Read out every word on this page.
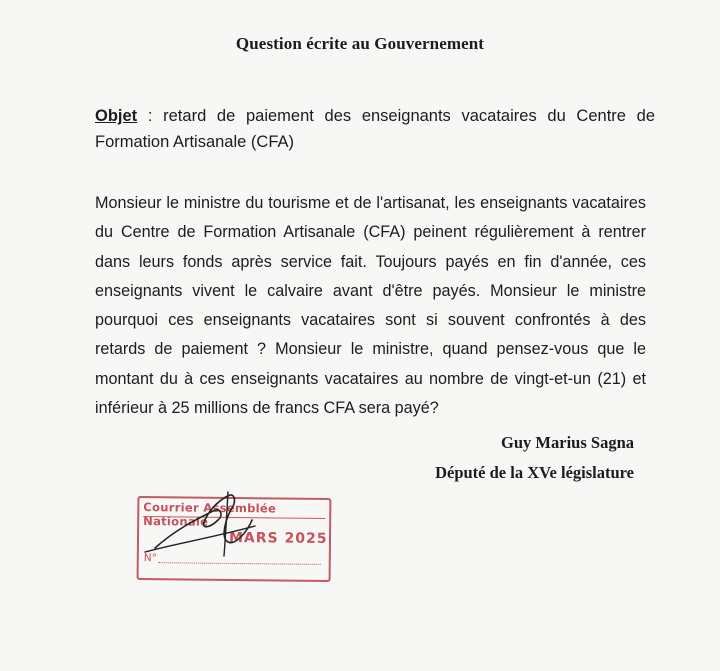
Question écrite au Gouvernement
Objet : retard de paiement des enseignants vacataires du Centre de Formation Artisanale (CFA)
Monsieur le ministre du tourisme et de l'artisanat, les enseignants vacataires du Centre de Formation Artisanale (CFA) peinent régulièrement à rentrer dans leurs fonds après service fait. Toujours payés en fin d'année, ces enseignants vivent le calvaire avant d'être payés. Monsieur le ministre pourquoi ces enseignants vacataires sont si souvent confrontés à des retards de paiement ? Monsieur le ministre, quand pensez-vous que le montant du à ces enseignants vacataires au nombre de vingt-et-un (21) et inférieur à 25 millions de francs CFA sera payé?
Guy Marius Sagna
Député de la XVe législature
Courrier Assemblée Nationale
MARS 2025
N°
